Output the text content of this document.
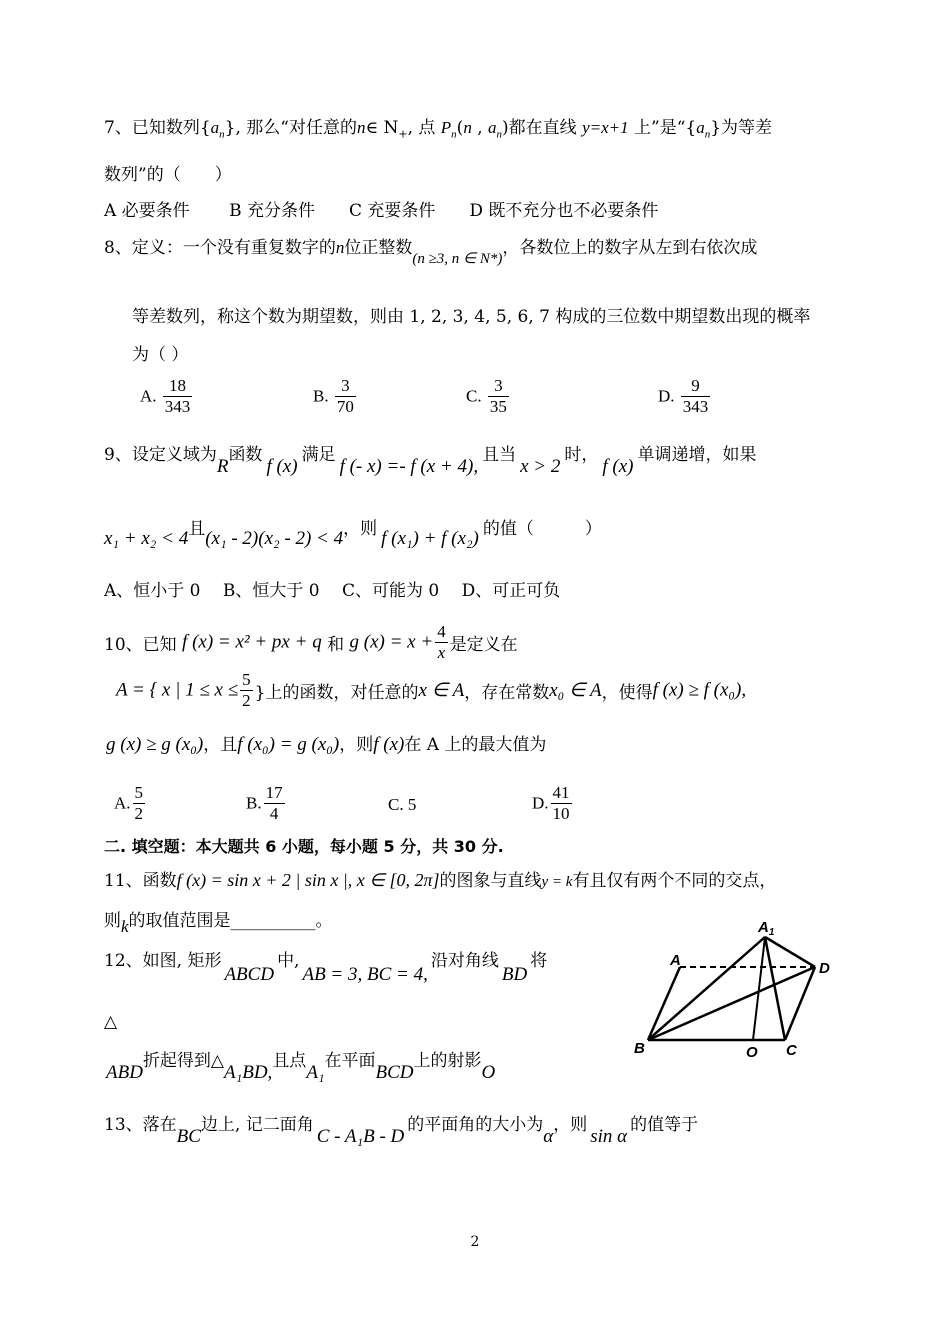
7、已知数列$\{a_n\}$, 那么“对任意的n∈ $N_+$, 点 $P_n(n$ , $a_n$)都在直线 y=x+1 上”是“$\{a_n\}$为等差
数列”的（　　）
A 必要条件　　 B 充分条件　　C 充要条件　　D 既不充分也不必要条件
8、定义：一个没有重复数字的n位正整数(n ≥3, n ∈ N*)，各数位上的数字从左到右依次成
等差数列，称这个数为期望数，则由 1, 2, 3, 4, 5, 6, 7 构成的三位数中期望数出现的概率
为（ ）
A. $\frac{18}{343}$	B. $\frac{3}{70}$	C. $\frac{3}{35}$	D. $\frac{9}{343}$
9、设定义域为R函数f (x)满足f (- x) =- f (x + 4),且当x > 2时，f (x)单调递增，如果
x₁ + x₂ < 4且(x₁ - 2)(x₂ - 2) < 4，则 f (x₁) + f (x₂) 的值（　　　）
A、恒小于 0　 B、恒大于 0　 C、可能为 0　 D、可正可负
10、已知 f (x) = x² + px + q 和 g $(x) = x + \frac{4}{x}$ 是定义在
A = { x | $1 \le x \le \frac{5}{2}$ }上的函数，对任意的x ∈ A，存在常数x₀ ∈ A，使得f (x) ≥ f (x₀),
g (x) ≥ g (x₀)，且f (x₀) = g (x₀)，则f (x)在 A 上的最大值为
A. $\frac{5}{2}$	B. $\frac{17}{4}$	C. 5	D. $\frac{41}{10}$
二. 填空题：本大题共 6 小题，每小题 5 分，共 30 分.
11、函数f (x) = sin x + 2 | sin x |, x ∈ [0, 2π]的图象与直线y = k有且仅有两个不同的交点，
则k的取值范围是__________。
12、如图, 矩形ABCD中,AB = 3, BC = 4,沿对角线BD将
△
ABD折起得到△A₁BD,且点A₁在平面BCD上的射影O
13、落在BC边上, 记二面角C - A₁B - D的平面角的大小为α，则sin α的值等于
$A_1$
A	D
B	O C
2
